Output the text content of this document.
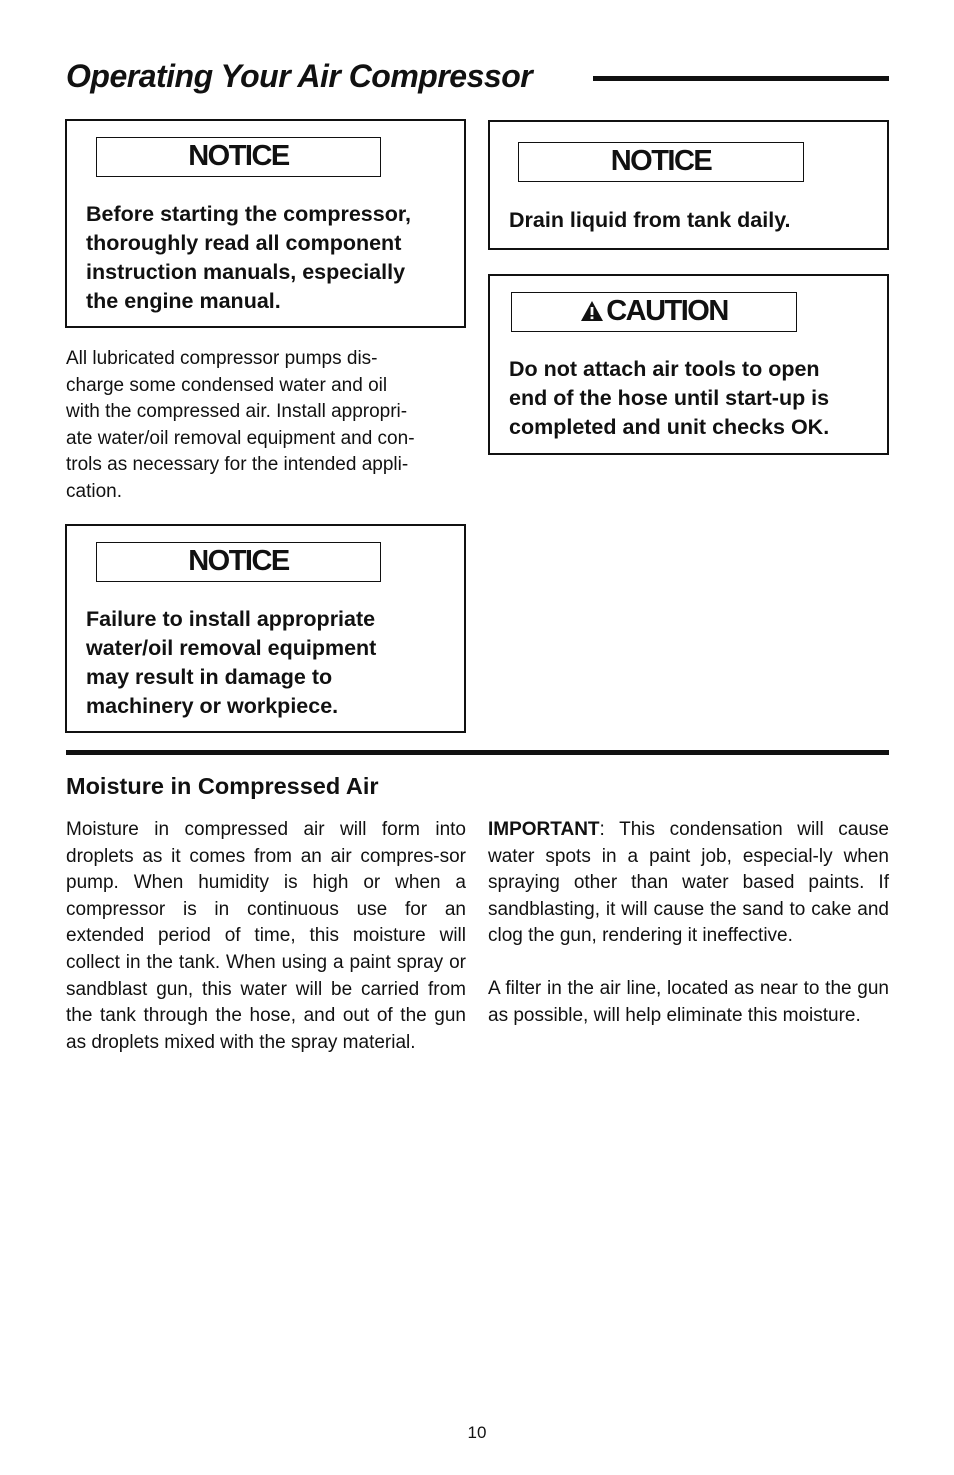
Operating Your Air Compressor
NOTICE

Before starting the compressor,
thoroughly read all component
instruction manuals, especially
the engine manual.

All lubricated compressor pumps dis-
charge some condensed water and oil
with the compressed air. Install appropri-
ate water/oil removal equipment and con-
trols as necessary for the intended appli-
cation.

NOTICE

Failure to install appropriate
water/oil removal equipment
may result in damage to
machinery or workpiece.

NOTICE

Drain liquid from tank daily.

CAUTION

Do not attach air tools to open
end of the hose until start-up is
completed and unit checks OK.

Moisture in Compressed Air

Moisture in compressed air will form into droplets as it comes from an air compres-sor pump. When humidity is high or when a compressor is in continuous use for an extended period of time, this moisture will collect in the tank. When using a paint spray or sandblast gun, this water will be carried from the tank through the hose, and out of the gun as droplets mixed with the spray material.

IMPORTANT: This condensation will cause water spots in a paint job, especial-ly when spraying other than water based paints. If sandblasting, it will cause the sand to cake and clog the gun, rendering it ineffective.

A filter in the air line, located as near to the gun as possible, will help eliminate this moisture.

10
